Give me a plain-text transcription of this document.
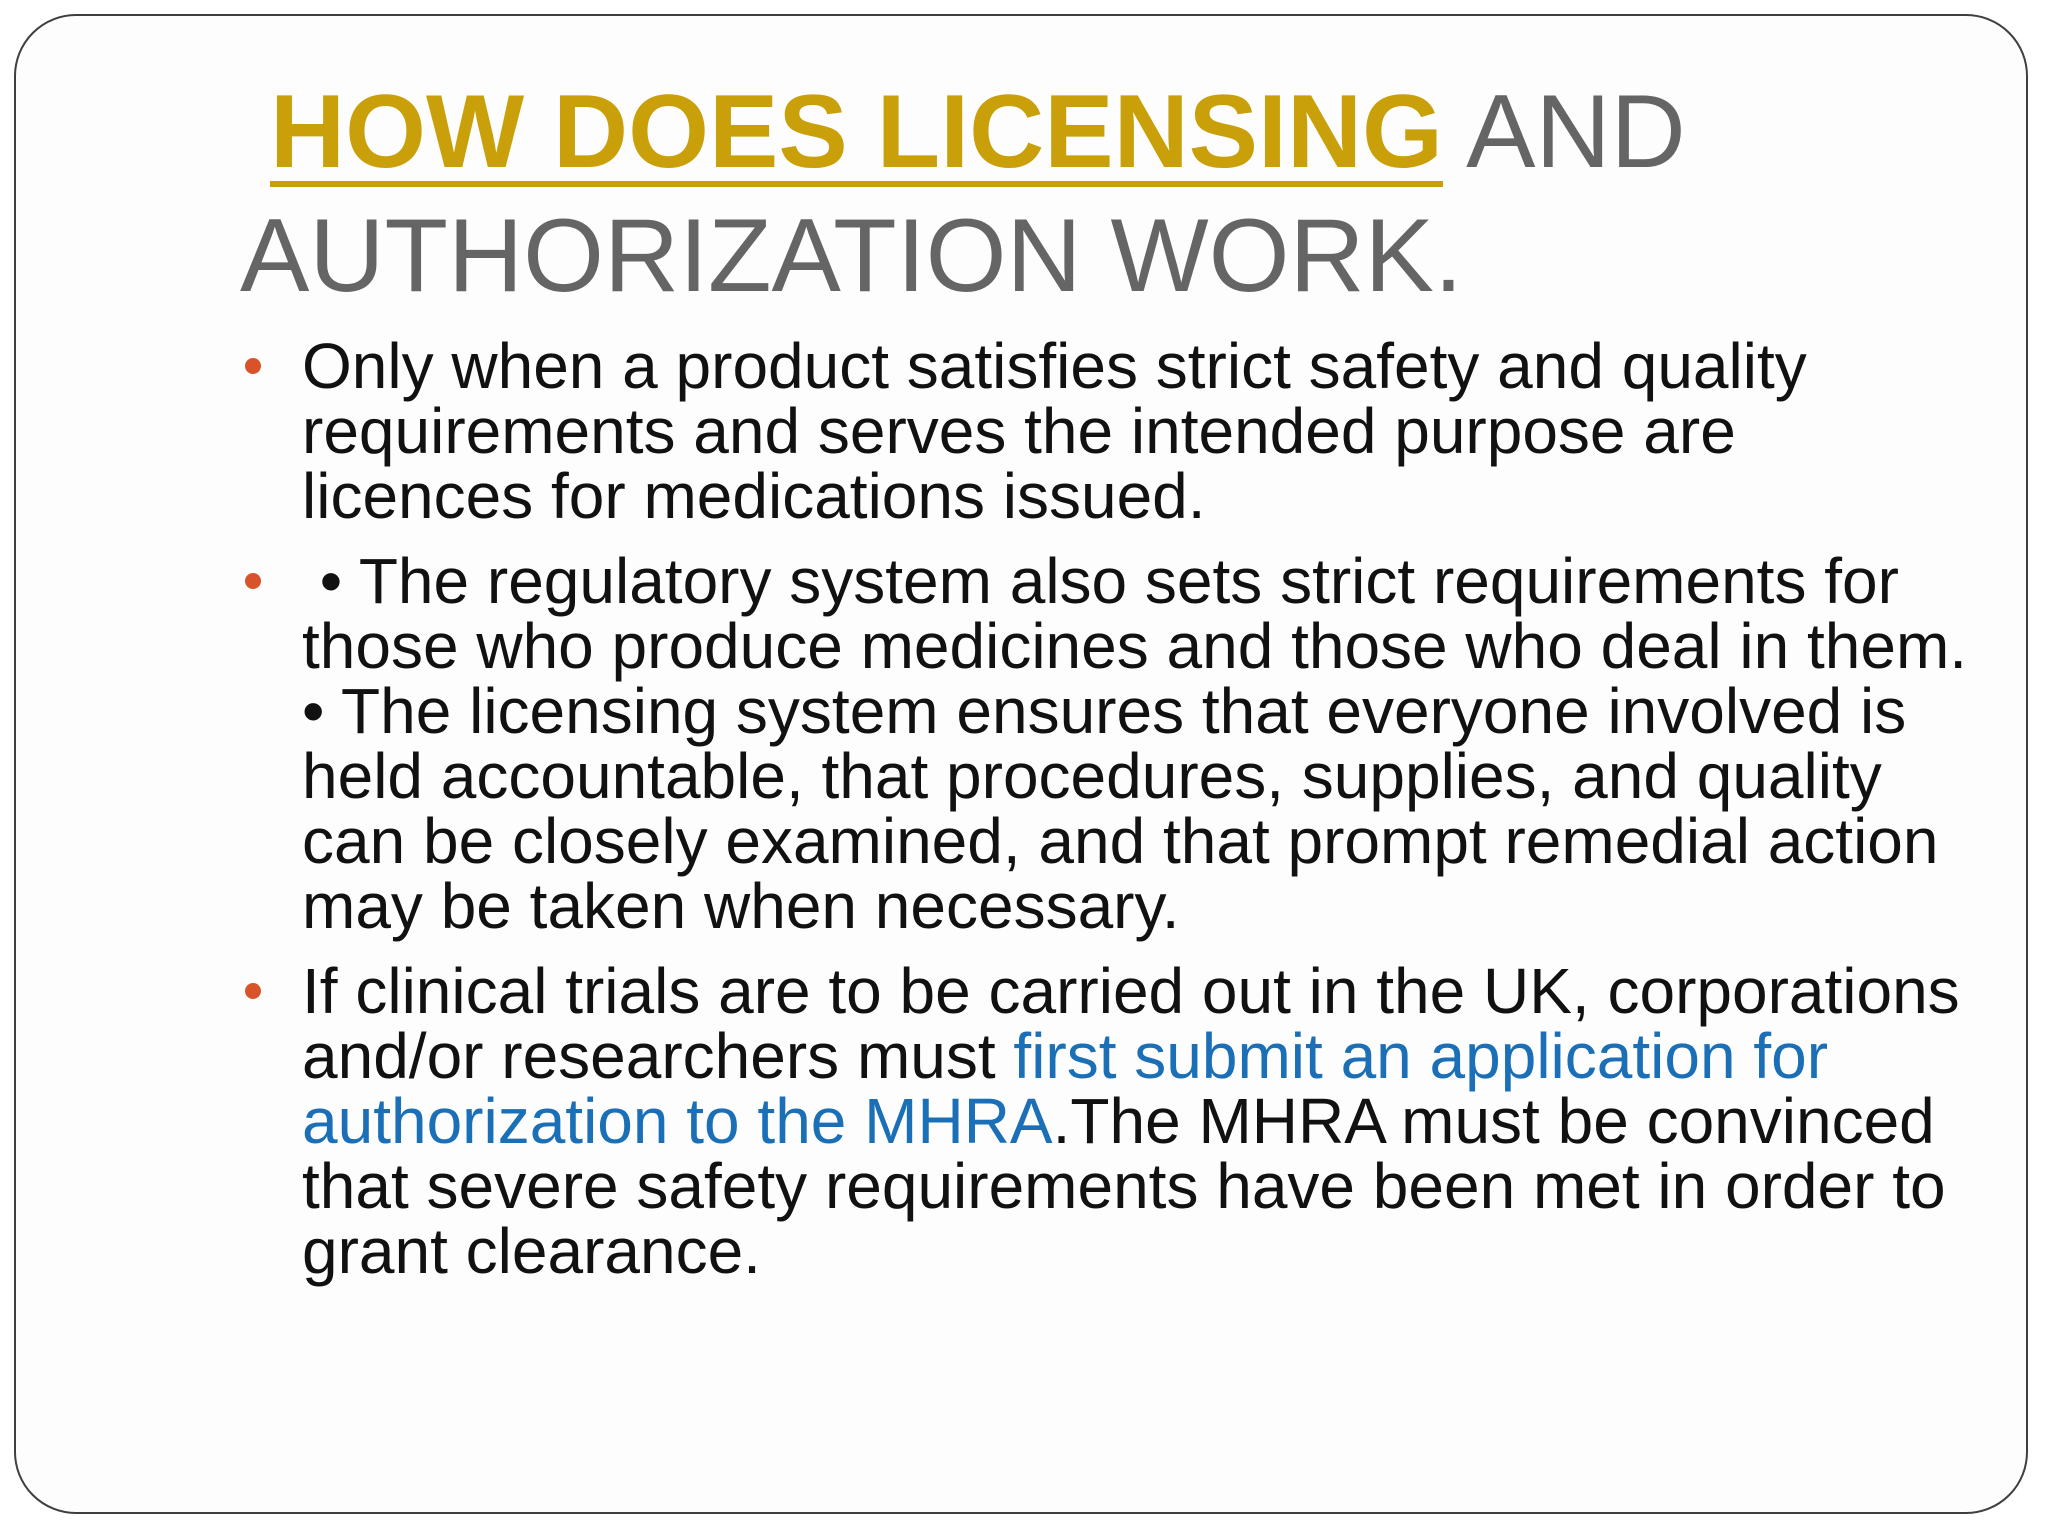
HOW DOES LICENSING AND AUTHORIZATION WORK.
Only when a product satisfies strict safety and quality requirements and serves the intended purpose are licences for medications issued.
• The regulatory system also sets strict requirements for those who produce medicines and those who deal in them. • The licensing system ensures that everyone involved is held accountable, that procedures, supplies, and quality can be closely examined, and that prompt remedial action may be taken when necessary.
If clinical trials are to be carried out in the UK, corporations and/or researchers must first submit an application for authorization to the MHRA.The MHRA must be convinced that severe safety requirements have been met in order to grant clearance.
